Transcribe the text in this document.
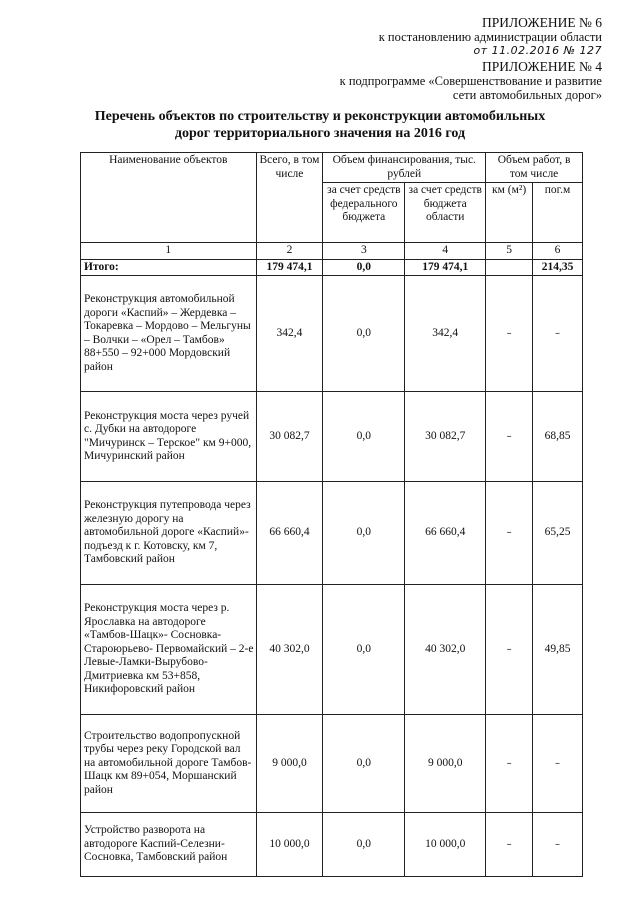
ПРИЛОЖЕНИЕ № 6
к постановлению администрации области
от 11.02.2016 № 127
ПРИЛОЖЕНИЕ № 4
к подпрограмме «Совершенствование и развитие
сети автомобильных дорог»
Перечень объектов по строительству и реконструкции автомобильных
дорог территориального значения на 2016 год
Наименование объектов	Всего, в том числе	Объем финансирования, тыс. рублей		Объем работ, в том числе	
		за счет средств федерального бюджета	за счет средств бюджета области	км (м²)	пог.м
1	2	3	4	5	6
Итого:	179 474,1	0,0	179 474,1		214,35
Реконструкция автомобильной дороги «Каспий» – Жердевка – Токаревка – Мордово – Мельгуны – Волчки – «Орел – Тамбов» 88+550 – 92+000 Мордовский район	342,4	0,0	342,4	–	–
Реконструкция моста через ручей с. Дубки на автодороге "Мичуринск – Терское" км 9+000, Мичуринский район	30 082,7	0,0	30 082,7	–	68,85
Реконструкция путепровода через железную дорогу на автомобильной дороге «Каспий»- подъезд к г. Котовску, км 7, Тамбовский район	66 660,4	0,0	66 660,4	–	65,25
Реконструкция моста через р. Ярославка на автодороге «Тамбов-Шацк»- Сосновка-Староюрьево- Первомайский – 2-е Левые-Ламки-Вырубово- Дмитриевка км 53+858, Никифоровский район	40 302,0	0,0	40 302,0	–	49,85
Строительство водопропускной трубы через реку Городской вал на автомобильной дороге Тамбов-Шацк км 89+054, Моршанский район	9 000,0	0,0	9 000,0	–	–
Устройство разворота на автодороге Каспий-Селезни-Сосновка, Тамбовский район	10 000,0	0,0	10 000,0	–	–
